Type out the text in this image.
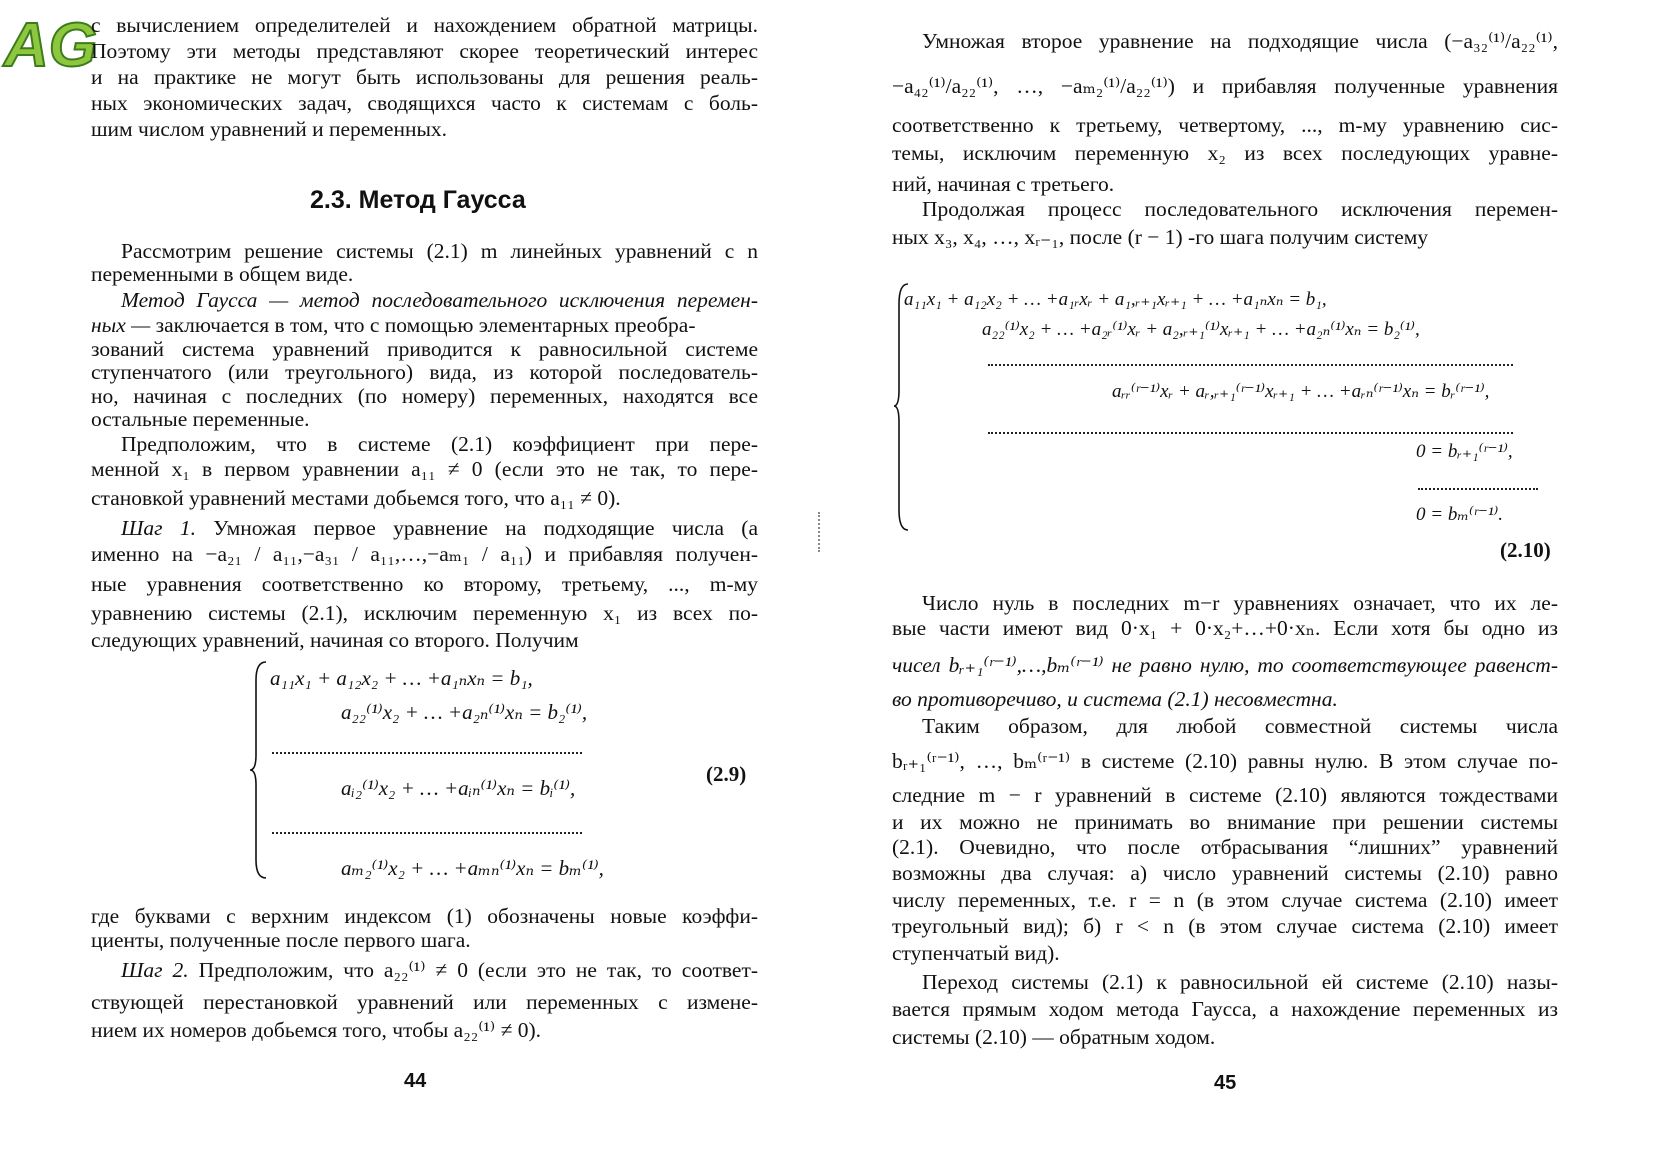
AG
с вычислением определителей и нахождением обратной матрицы.
Поэтому эти методы представляют скорее теоретический интерес
и на практике не могут быть использованы для решения реаль-
ных экономических задач, сводящихся часто к системам с боль-
шим числом уравнений и переменных.
2.3. Метод Гаусса
Рассмотрим решение системы (2.1) m линейных уравнений с n
переменными в общем виде.
Метод Гаусса — метод последовательного исключения перемен-
ных — заключается в том, что с помощью элементарных преобра-
зований система уравнений приводится к равносильной системе
ступенчатого (или треугольного) вида, из которой последователь-
но, начиная с последних (по номеру) переменных, находятся все
остальные переменные.
Предположим, что в системе (2.1) коэффициент при пере-
менной x₁ в первом уравнении a₁₁ ≠ 0 (если это не так, то пере-
становкой уравнений местами добьемся того, что a₁₁ ≠ 0).
Шаг 1. Умножая первое уравнение на подходящие числа (а
именно на −a₂₁ / a₁₁,−a₃₁ / a₁₁,…,−aₘ₁ / a₁₁) и прибавляя получен-
ные уравнения соответственно ко второму, третьему, ..., m-му
уравнению системы (2.1), исключим переменную x₁ из всех по-
следующих уравнений, начиная со второго. Получим
a₁₁x₁ + a₁₂x₂ + … +a₁ₙxₙ = b₁,
a₂₂⁽¹⁾x₂ + … +a₂ₙ⁽¹⁾xₙ = b₂⁽¹⁾,
aᵢ₂⁽¹⁾x₂ + … +aᵢₙ⁽¹⁾xₙ = bᵢ⁽¹⁾,
aₘ₂⁽¹⁾x₂ + … +aₘₙ⁽¹⁾xₙ = bₘ⁽¹⁾,
(2.9)
где буквами с верхним индексом (1) обозначены новые коэффи-
циенты, полученные после первого шага.
Шаг 2. Предположим, что a₂₂⁽¹⁾ ≠ 0 (если это не так, то соответ-
ствующей перестановкой уравнений или переменных с измене-
нием их номеров добьемся того, чтобы a₂₂⁽¹⁾ ≠ 0).
44
Умножая второе уравнение на подходящие числа (−a₃₂⁽¹⁾/a₂₂⁽¹⁾,
−a₄₂⁽¹⁾/a₂₂⁽¹⁾, …, −aₘ₂⁽¹⁾/a₂₂⁽¹⁾) и прибавляя полученные уравнения
соответственно к третьему, четвертому, ..., m-му уравнению сис-
темы, исключим переменную x₂ из всех последующих уравне-
ний, начиная с третьего.
Продолжая процесс последовательного исключения перемен-
ных x₃, x₄, …, xᵣ₋₁, после (r − 1) -го шага получим систему
a₁₁x₁ + a₁₂x₂ + … +a₁ᵣxᵣ + a₁,ᵣ₊₁xᵣ₊₁ + … +a₁ₙxₙ = b₁,
a₂₂⁽¹⁾x₂ + … +a₂ᵣ⁽¹⁾xᵣ + a₂,ᵣ₊₁⁽¹⁾xᵣ₊₁ + … +a₂ₙ⁽¹⁾xₙ = b₂⁽¹⁾,
aᵣᵣ⁽ʳ⁻¹⁾xᵣ + aᵣ,ᵣ₊₁⁽ʳ⁻¹⁾xᵣ₊₁ + … +aᵣₙ⁽ʳ⁻¹⁾xₙ = bᵣ⁽ʳ⁻¹⁾,
0 = bᵣ₊₁⁽ʳ⁻¹⁾,
0 = bₘ⁽ʳ⁻¹⁾.
(2.10)
Число нуль в последних m−r уравнениях означает, что их ле-
вые части имеют вид 0·x₁ + 0·x₂+…+0·xₙ. Если хотя бы одно из
чисел bᵣ₊₁⁽ʳ⁻¹⁾,…,bₘ⁽ʳ⁻¹⁾ не равно нулю, то соответствующее равенст-
во противоречиво, и система (2.1) несовместна.
Таким образом, для любой совместной системы числа
bᵣ₊₁⁽ʳ⁻¹⁾, …, bₘ⁽ʳ⁻¹⁾ в системе (2.10) равны нулю. В этом случае по-
следние m − r уравнений в системе (2.10) являются тождествами
и их можно не принимать во внимание при решении системы
(2.1). Очевидно, что после отбрасывания “лишних” уравнений
возможны два случая: а) число уравнений системы (2.10) равно
числу переменных, т.е. r = n (в этом случае система (2.10) имеет
треугольный вид); б) r < n (в этом случае система (2.10) имеет
ступенчатый вид).
Переход системы (2.1) к равносильной ей системе (2.10) назы-
вается прямым ходом метода Гаусса, а нахождение переменных из
системы (2.10) — обратным ходом.
45
